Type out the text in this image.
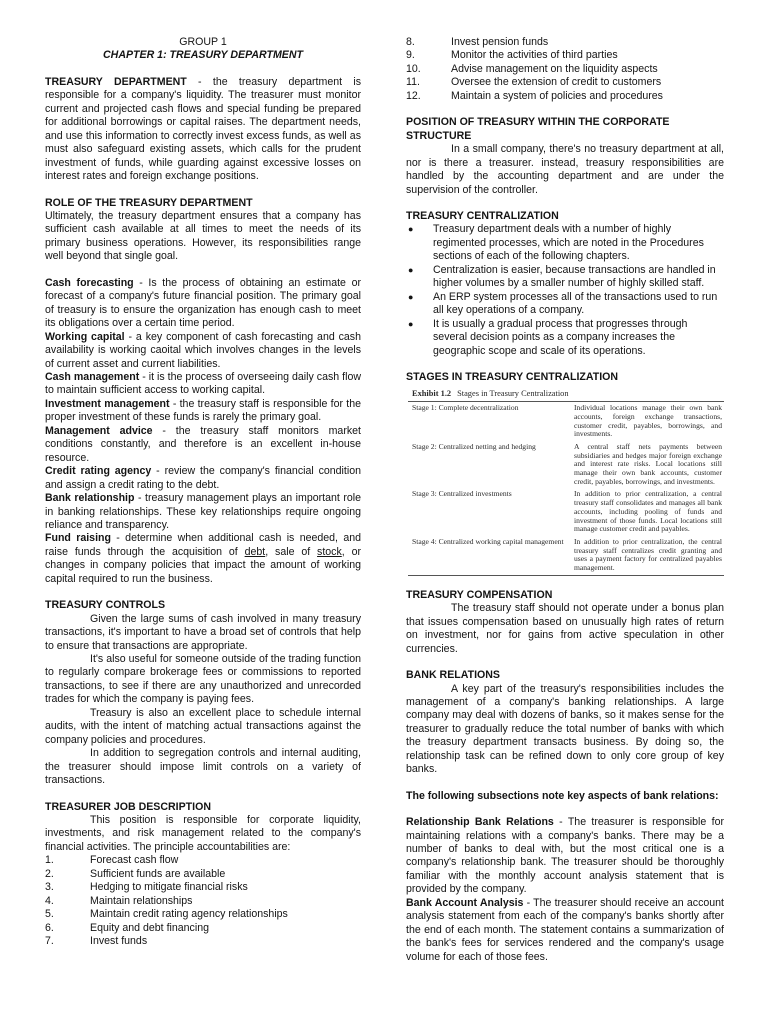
GROUP 1

CHAPTER 1: TREASURY DEPARTMENT

TREASURY DEPARTMENT - the treasury department is responsible for a company's liquidity. The treasurer must monitor current and projected cash flows and special funding be prepared for additional borrowings or capital raises. The department needs, and use this information to correctly invest excess funds, as well as must also safeguard existing assets, which calls for the prudent investment of funds, while guarding against excessive losses on interest rates and foreign exchange positions.

ROLE OF THE TREASURY DEPARTMENT

Ultimately, the treasury department ensures that a company has sufficient cash available at all times to meet the needs of its primary business operations. However, its responsibilities range well beyond that single goal.

Cash forecasting - Is the process of obtaining an estimate or forecast of a company's future financial position. The primary goal of treasury is to ensure the organization has enough cash to meet its obligations over a certain time period.

Working capital - a key component of cash forecasting and cash availability is working caoital which involves changes in the levels of current asset and current liabilities.

Cash management - it is the process of overseeing daily cash flow to maintain sufficient access to working capital.

Investment management - the treasury staff is responsible for the proper investment of these funds is rarely the primary goal.

Management advice - the treasury staff monitors market conditions constantly, and therefore is an excellent in-house resource.

Credit rating agency - review the company's financial condition and assign a credit rating to the debt.

Bank relationship - treasury management plays an important role in banking relationships. These key relationships require ongoing reliance and transparency.

Fund raising - determine when additional cash is needed, and raise funds through the acquisition of debt, sale of stock, or changes in company policies that impact the amount of working capital required to run the business.

TREASURY CONTROLS

Given the large sums of cash involved in many treasury transactions, it's important to have a broad set of controls that help to ensure that transactions are appropriate.

It's also useful for someone outside of the trading function to regularly compare brokerage fees or commissions to reported transactions, to see if there are any unauthorized and unrecorded trades for which the company is paying fees.

Treasury is also an excellent place to schedule internal audits, with the intent of matching actual transactions against the company policies and procedures.

In addition to segregation controls and internal auditing, the treasurer should impose limit controls on a variety of transactions.

TREASURER JOB DESCRIPTION

This position is responsible for corporate liquidity, investments, and risk management related to the company's financial activities. The principle accountabilities are:

1.	Forecast cash flow
2.	Sufficient funds are available
3.	Hedging to mitigate financial risks
4.	Maintain relationships
5.	Maintain credit rating agency relationships
6.	Equity and debt financing
7.	Invest funds
8.	Invest pension funds
9.	Monitor the activities of third parties
10.	Advise management on the liquidity aspects
11.	Oversee the extension of credit to customers
12.	Maintain a system of policies and procedures

POSITION OF TREASURY WITHIN THE CORPORATE STRUCTURE

In a small company, there's no treasury department at all, nor is there a treasurer. instead, treasury responsibilities are handled by the accounting department and are under the supervision of the controller.

TREASURY CENTRALIZATION

●	Treasury department deals with a number of highly regimented processes, which are noted in the Procedures sections of each of the following chapters.
●	Centralization is easier, because transactions are handled in higher volumes by a smaller number of highly skilled staff.
●	An ERP system processes all of the transactions used to run all key operations of a company.
●	It is usually a gradual process that progresses through several decision points as a company increases the geographic scope and scale of its operations.

STAGES IN TREASURY CENTRALIZATION

Exhibit 1.2 Stages in Treasury Centralization
Stage 1: Complete decentralization	Individual locations manage their own bank accounts, foreign exchange transactions, customer credit, payables, borrowings, and investments.
Stage 2: Centralized netting and hedging	A central staff nets payments between subsidiaries and hedges major foreign exchange and interest rate risks. Local locations still manage their own bank accounts, customer credit, payables, borrowings, and investments.
Stage 3: Centralized investments	In addition to prior centralization, a central treasury staff consolidates and manages all bank accounts, including pooling of funds and investment of those funds. Local locations still manage customer credit and payables.
Stage 4: Centralized working capital management	In addition to prior centralization, the central treasury staff centralizes credit granting and uses a payment factory for centralized payables management.

TREASURY COMPENSATION

The treasury staff should not operate under a bonus plan that issues compensation based on unusually high rates of return on investment, nor for gains from active speculation in other currencies.

BANK RELATIONS

A key part of the treasury's responsibilities includes the management of a company's banking relationships. A large company may deal with dozens of banks, so it makes sense for the treasurer to gradually reduce the total number of banks with which the treasury department transacts business. By doing so, the relationship task can be refined down to only core group of key banks.

The following subsections note key aspects of bank relations:

Relationship Bank Relations - The treasurer is responsible for maintaining relations with a company's banks. There may be a number of banks to deal with, but the most critical one is a company's relationship bank. The treasurer should be thoroughly familiar with the monthly account analysis statement that is provided by the company.

Bank Account Analysis - The treasurer should receive an account analysis statement from each of the company's banks shortly after the end of each month. The statement contains a summarization of the bank's fees for services rendered and the company's usage volume for each of those fees.
